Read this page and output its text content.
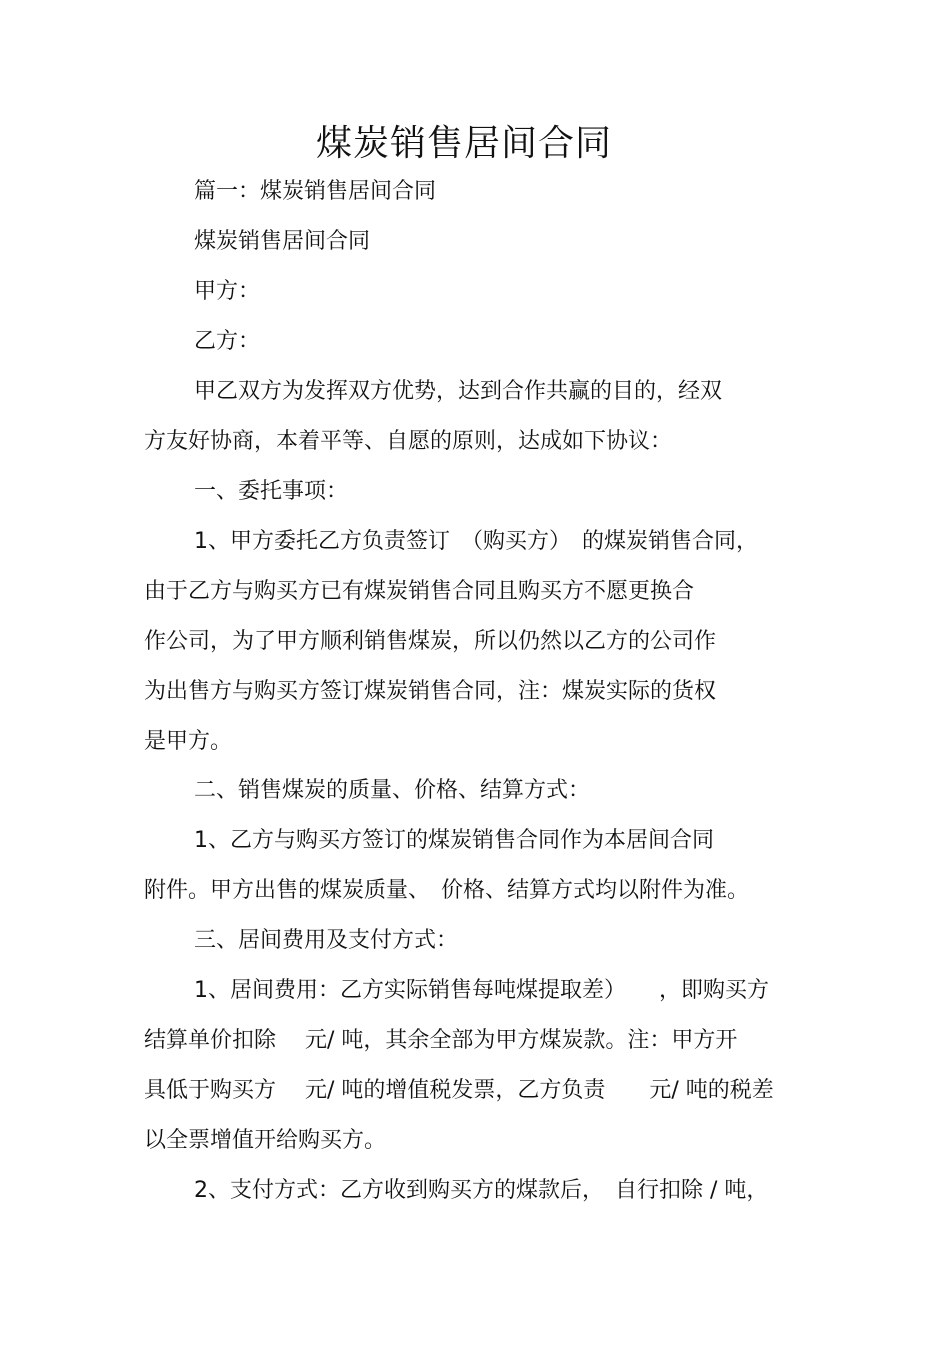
煤炭销售居间合同
篇一：煤炭销售居间合同
煤炭销售居间合同
甲方：
乙方：
甲乙双方为发挥双方优势，达到合作共赢的目的，经双
方友好协商，本着平等、自愿的原则，达成如下协议：
一、委托事项：
1、甲方委托乙方负责签订　（购买方）　的煤炭销售合同，
由于乙方与购买方已有煤炭销售合同且购买方不愿更换合
作公司，为了甲方顺利销售煤炭，所以仍然以乙方的公司作
为出售方与购买方签订煤炭销售合同，注：煤炭实际的货权
是甲方。
二、销售煤炭的质量、价格、结算方式：
1、乙方与购买方签订的煤炭销售合同作为本居间合同
附件。甲方出售的煤炭质量、　价格、结算方式均以附件为准。
三、居间费用及支付方式：
1、居间费用：乙方实际销售每吨煤提取差）　　，即购买方
结算单价扣除　 元/ 吨，其余全部为甲方煤炭款。注：甲方开
具低于购买方　 元/ 吨的增值税发票，乙方负责　　元/ 吨的税差
以全票增值开给购买方。
2、支付方式：乙方收到购买方的煤款后，　自行扣除 / 吨，
